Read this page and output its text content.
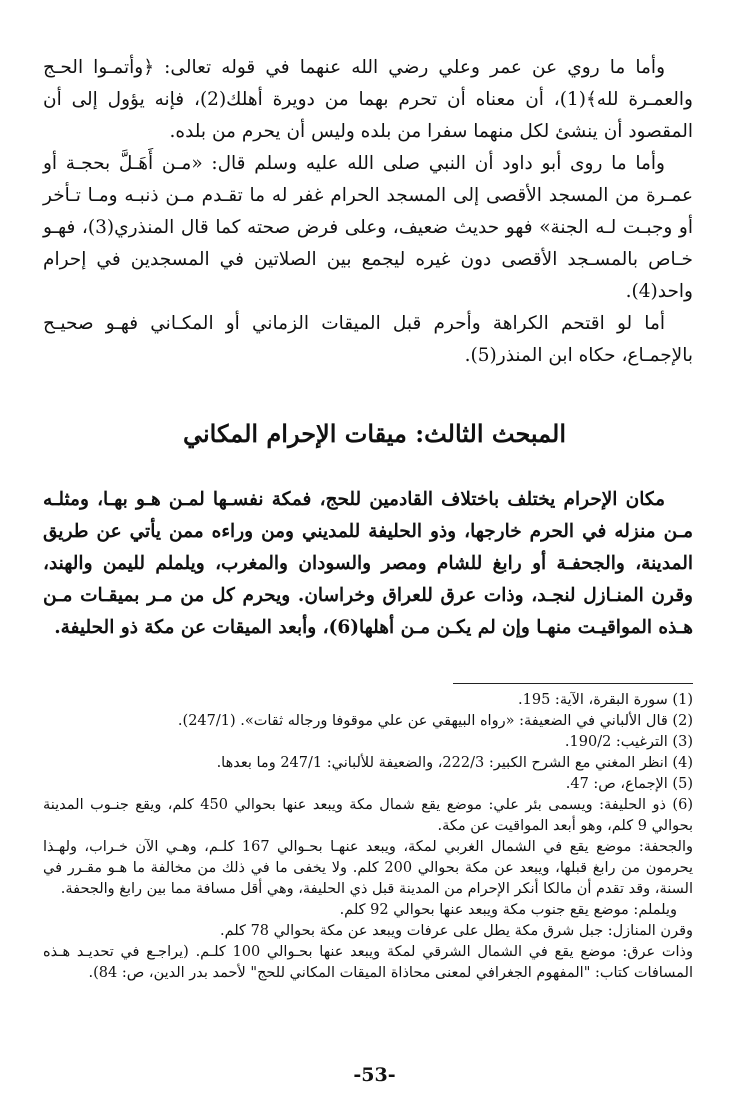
وأما ما روي عن عمر وعلي رضي الله عنهما في قوله تعالى: ﴿وأتمـوا الحـج والعمـرة لله﴾(1)، أن معناه أن تحرم بهما من دويرة أهلك(2)، فإنه يؤول إلى أن المقصود أن ينشئ لكل منهما سفرا من بلده وليس أن يحرم من بلده.

وأما ما روى أبو داود أن النبي صلى الله عليه وسلم قال: «مـن أَهَـلَّ بحجـة أو عمـرة من المسجد الأقصى إلى المسجد الحرام غفر له ما تقـدم مـن ذنبـه ومـا تـأخر أو وجبـت لـه الجنة» فهو حديث ضعيف، وعلى فرض صحته كما قال المنذري(3)، فهـو خـاص بالمسـجد الأقصى دون غيره ليجمع بين الصلاتين في المسجدين في إحرام واحد(4).

أما لو اقتحم الكراهة وأحرم قبل الميقات الزماني أو المكـاني فهـو صحيـح بالإجمـاع، حكاه ابن المنذر(5).

المبحث الثالث: ميقات الإحرام المكاني

مكان الإحرام يختلف باختلاف القادمين للحج، فمكة نفسـها لمـن هـو بهـا، ومثلـه مـن منزله في الحرم خارجها، وذو الحليفة للمديني ومن وراءه ممن يأتي عن طريق المدينة، والجحفـة أو رابغ للشام ومصر والسودان والمغرب، ويلملم لليمن والهند، وقرن المنـازل لنجـد، وذات عرق للعراق وخراسان. ويحرم كل من مـر بميقـات مـن هـذه المواقيـت منهـا وإن لم يكـن مـن أهلها(6)، وأبعد الميقات عن مكة ذو الحليفة.

(1) سورة البقرة، الآية: 195.
(2) قال الألباني في الضعيفة: «رواه البيهقي عن علي موقوفا ورجاله ثقات». (247/1).
(3) الترغيب: 190/2.
(4) انظر المغني مع الشرح الكبير: 222/3، والضعيفة للألباني: 247/1 وما بعدها.
(5) الإجماع، ص: 47.
(6) ذو الحليفة: ويسمى بئر علي: موضع يقع شمال مكة ويبعد عنها بحوالي 450 كلم، ويقع جنـوب المدينة بحوالي 9 كلم، وهو أبعد المواقيت عن مكة.
والجحفة: موضع يقع في الشمال الغربي لمكة، ويبعد عنهـا بحـوالي 167 كلـم، وهـي الآن خـراب، ولهـذا يحرمون من رابغ قبلها، ويبعد عن مكة بحوالي 200 كلم. ولا يخفى ما في ذلك من مخالفة ما هـو مقـرر في السنة، وقد تقدم أن مالكا أنكر الإحرام من المدينة قبل ذي الحليفة، وهي أقل مسافة مما بين رابغ والجحفة.
ويلملم: موضع يقع جنوب مكة ويبعد عنها بحوالي 92 كلم.
وقرن المنازل: جبل شرق مكة يطل على عرفات ويبعد عن مكة بحوالي 78 كلم.
وذات عرق: موضع يقع في الشمال الشرقي لمكة ويبعد عنها بحـوالي 100 كلـم. (يراجـع في تحديـد هـذه المسافات كتاب: "المفهوم الجغرافي لمعنى محاذاة الميقات المكاني للحج" لأحمد بدر الدين، ص: 84).
-53-
